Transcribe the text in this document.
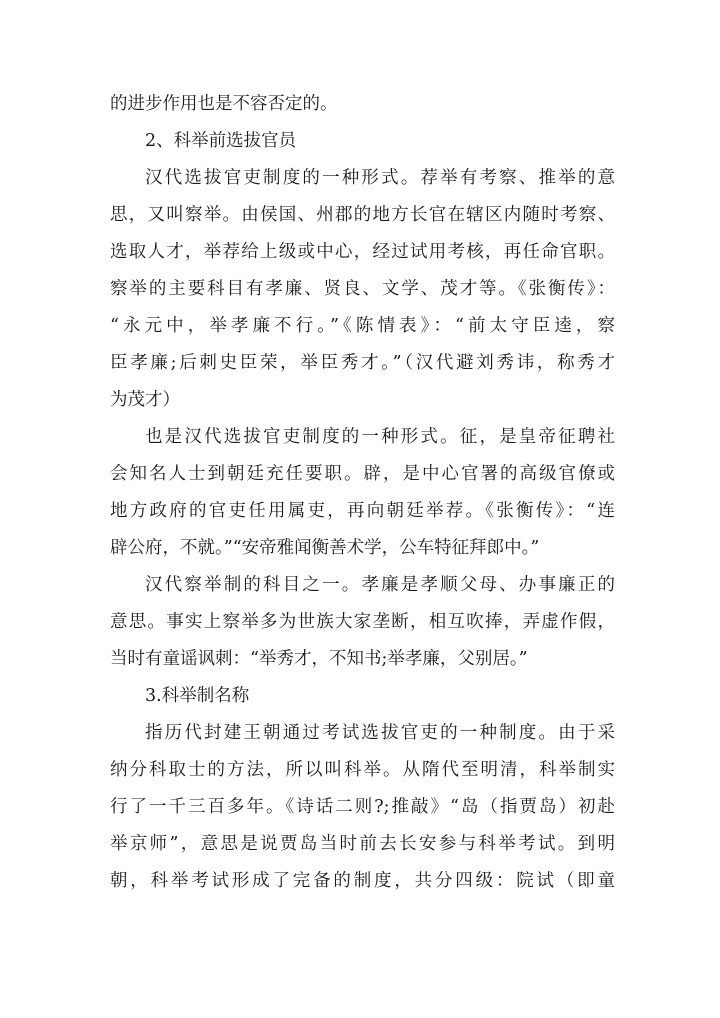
的进步作用也是不容否定的。
2、科举前选拔官员
汉代选拔官吏制度的一种形式。荐举有考察、推举的意
思，又叫察举。由侯国、州郡的地方长官在辖区内随时考察、
选取人才，举荐给上级或中心，经过试用考核，再任命官职。
察举的主要科目有孝廉、贤良、文学、茂才等。《张衡传》：
“永元中，举孝廉不行。”《陈情表》：“前太守臣逵，察
臣孝廉;后刺史臣荣，举臣秀才。”（汉代避刘秀讳，称秀才
为茂才）
也是汉代选拔官吏制度的一种形式。征，是皇帝征聘社
会知名人士到朝廷充任要职。辟，是中心官署的高级官僚或
地方政府的官吏任用属吏，再向朝廷举荐。《张衡传》：“连
辟公府，不就。”“安帝雅闻衡善术学，公车特征拜郎中。”
汉代察举制的科目之一。孝廉是孝顺父母、办事廉正的
意思。事实上察举多为世族大家垄断，相互吹捧，弄虚作假，
当时有童谣讽刺：“举秀才，不知书;举孝廉，父别居。”
3.科举制名称
指历代封建王朝通过考试选拔官吏的一种制度。由于采
纳分科取士的方法，所以叫科举。从隋代至明清，科举制实
行了一千三百多年。《诗话二则?;推敲》“岛（指贾岛）初赴
举京师”，意思是说贾岛当时前去长安参与科举考试。到明
朝，科举考试形成了完备的制度，共分四级：院试（即童
